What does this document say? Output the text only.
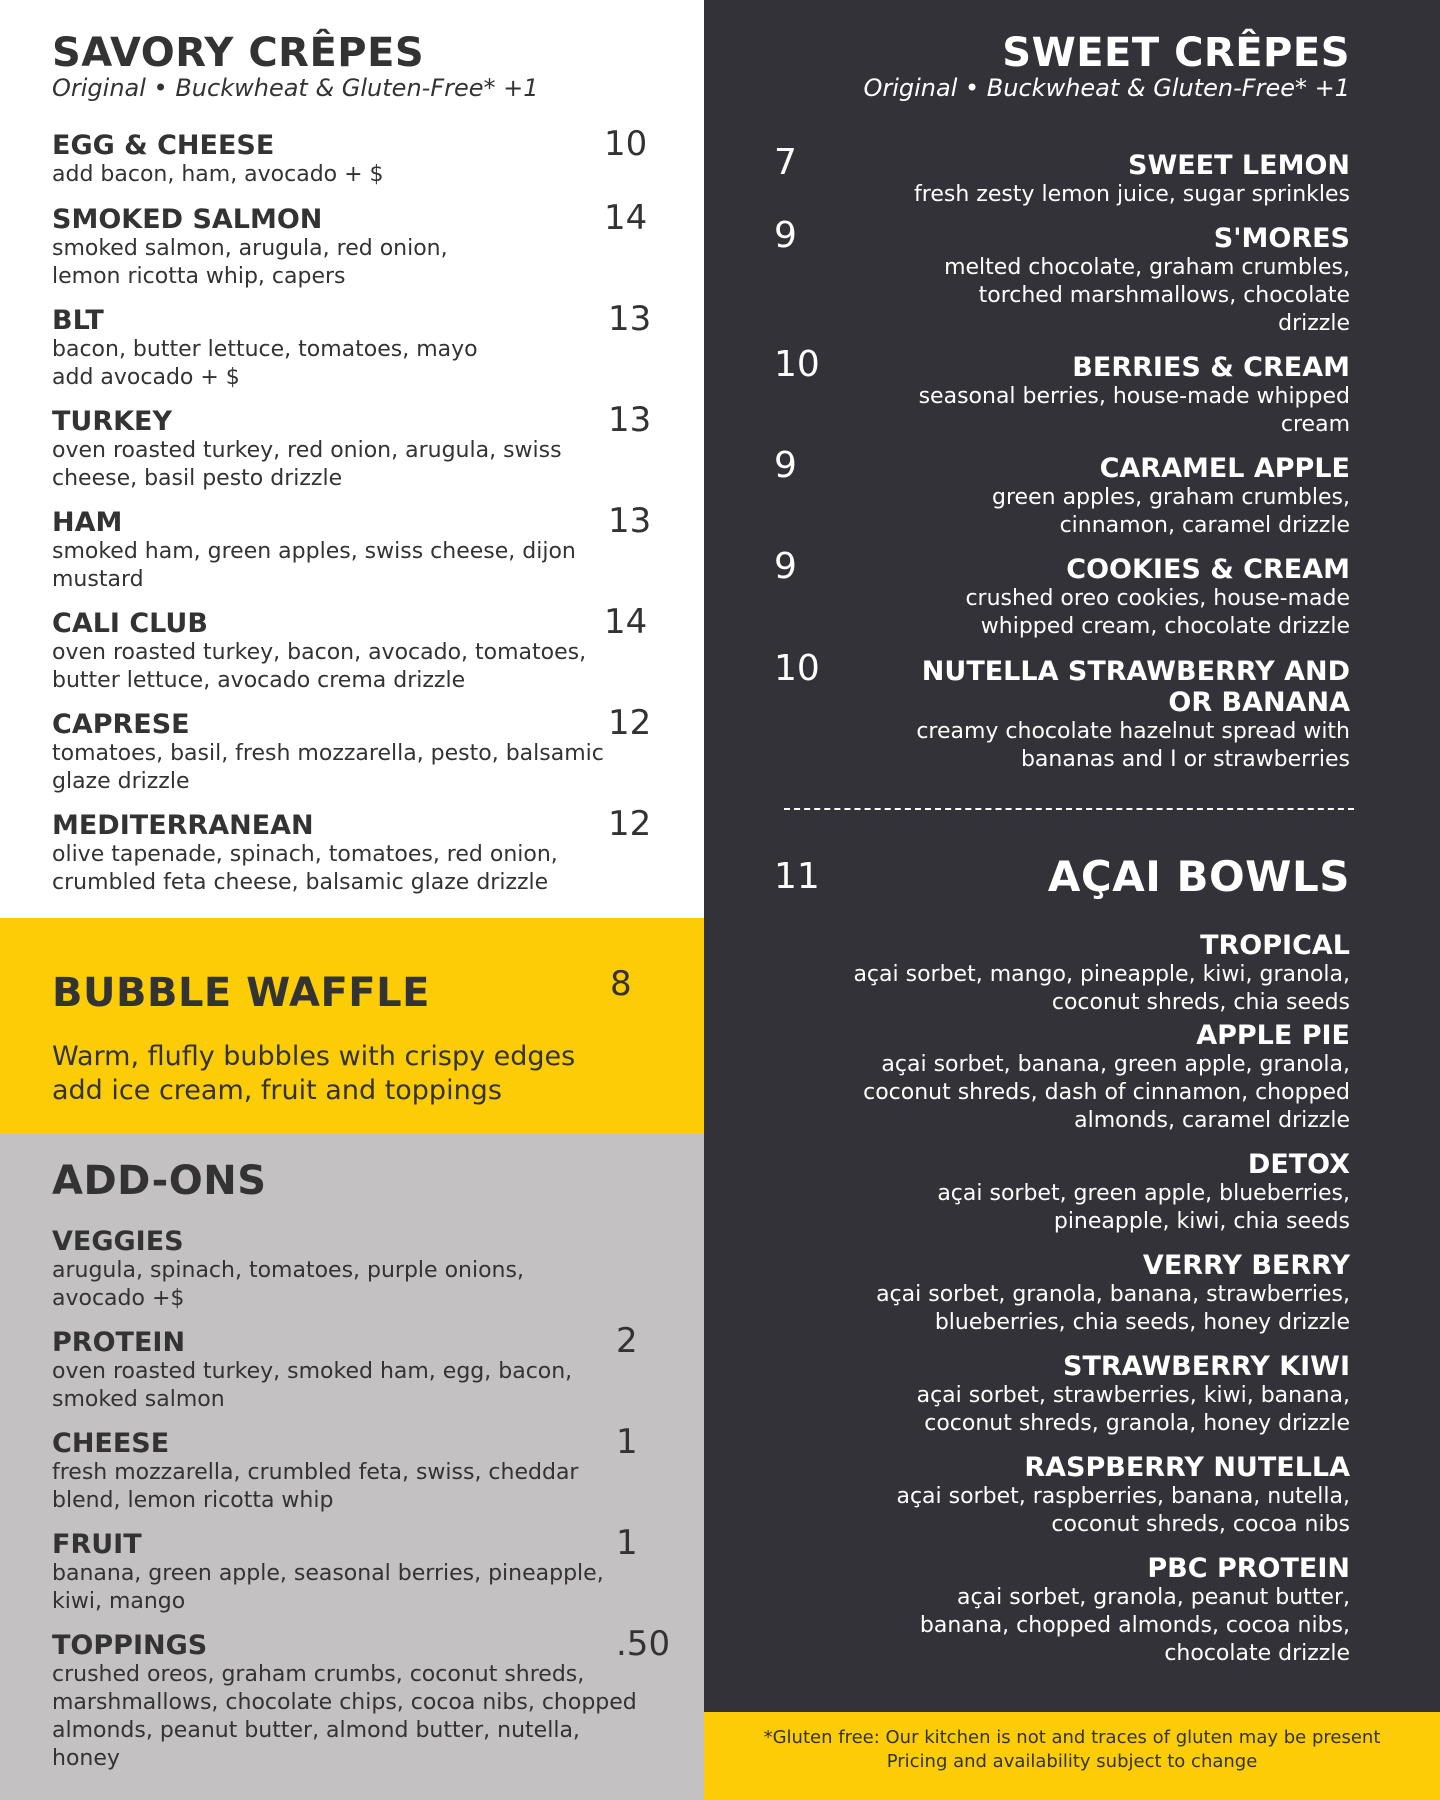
SAVORY CRÊPES
Original • Buckwheat & Gluten-Free* +1
EGG & CHEESE
add bacon, ham, avocado + $
10
SMOKED SALMON
smoked salmon, arugula, red onion,
lemon ricotta whip, capers
14
BLT
bacon, butter lettuce, tomatoes, mayo
add avocado + $
13
TURKEY
oven roasted turkey, red onion, arugula, swiss
cheese, basil pesto drizzle
13
HAM
smoked ham, green apples, swiss cheese, dijon
mustard
13
CALI CLUB
oven roasted turkey, bacon, avocado, tomatoes,
butter lettuce, avocado crema drizzle
14
CAPRESE
tomatoes, basil, fresh mozzarella, pesto, balsamic
glaze drizzle
12
MEDITERRANEAN
olive tapenade, spinach, tomatoes, red onion,
crumbled feta cheese, balsamic glaze drizzle
12
BUBBLE WAFFLE	8
Warm, flufly bubbles with crispy edges
add ice cream, fruit and toppings
ADD-ONS
VEGGIES
arugula, spinach, tomatoes, purple onions,
avocado +$
PROTEIN
oven roasted turkey, smoked ham, egg, bacon,
smoked salmon
2
CHEESE
fresh mozzarella, crumbled feta, swiss, cheddar
blend, lemon ricotta whip
1
FRUIT
banana, green apple, seasonal berries, pineapple,
kiwi, mango
1
TOPPINGS
crushed oreos, graham crumbs, coconut shreds,
marshmallows, chocolate chips, cocoa nibs, chopped
almonds, peanut butter, almond butter, nutella,
honey
.50
SWEET CRÊPES
Original • Buckwheat & Gluten-Free* +1
7	SWEET LEMON
fresh zesty lemon juice, sugar sprinkles
9	S'MORES
melted chocolate, graham crumbles,
torched marshmallows, chocolate
drizzle
10	BERRIES & CREAM
seasonal berries, house-made whipped
cream
9	CARAMEL APPLE
green apples, graham crumbles,
cinnamon, caramel drizzle
9	COOKIES & CREAM
crushed oreo cookies, house-made
whipped cream, chocolate drizzle
10	NUTELLA STRAWBERRY AND
OR BANANA
creamy chocolate hazelnut spread with
bananas and I or strawberries
11	AÇAI BOWLS
TROPICAL
açai sorbet, mango, pineapple, kiwi, granola,
coconut shreds, chia seeds
APPLE PIE
açai sorbet, banana, green apple, granola,
coconut shreds, dash of cinnamon, chopped
almonds, caramel drizzle
DETOX
açai sorbet, green apple, blueberries,
pineapple, kiwi, chia seeds
VERRY BERRY
açai sorbet, granola, banana, strawberries,
blueberries, chia seeds, honey drizzle
STRAWBERRY KIWI
açai sorbet, strawberries, kiwi, banana,
coconut shreds, granola, honey drizzle
RASPBERRY NUTELLA
açai sorbet, raspberries, banana, nutella,
coconut shreds, cocoa nibs
PBC PROTEIN
açai sorbet, granola, peanut butter,
banana, chopped almonds, cocoa nibs,
chocolate drizzle
*Gluten free: Our kitchen is not and traces of gluten may be present
Pricing and availability subject to change
